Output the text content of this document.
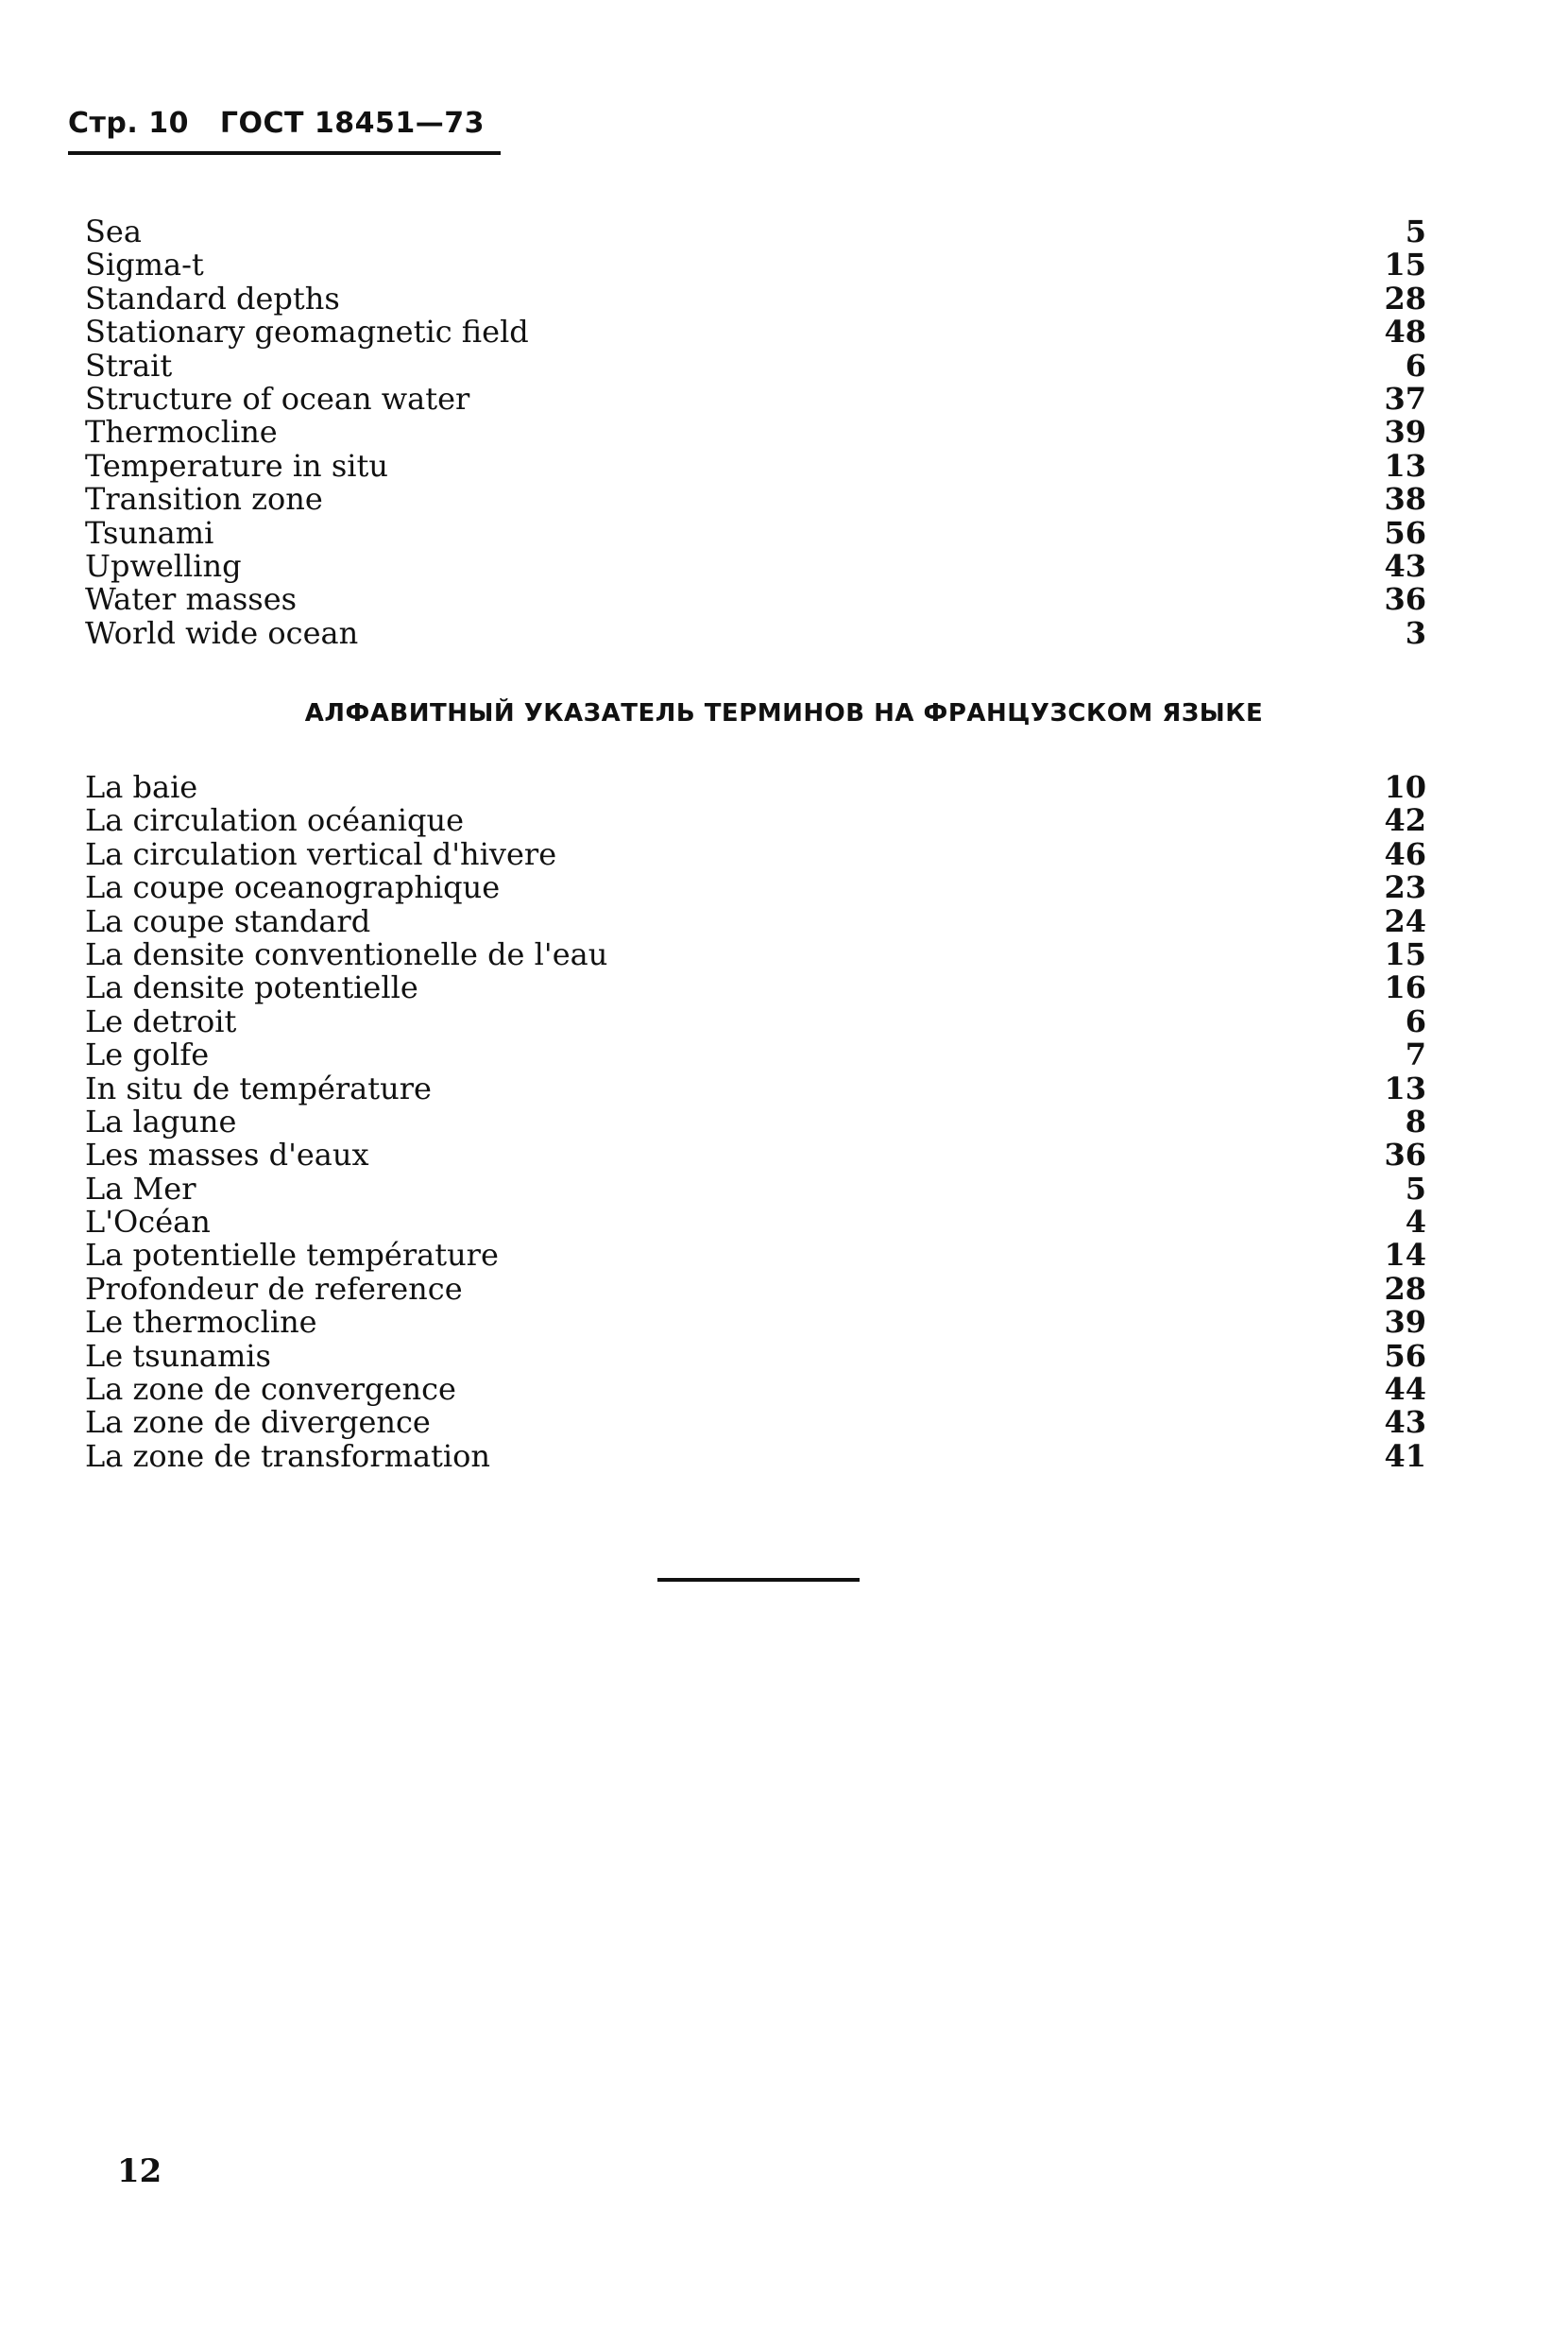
Стр. 10 ГОСТ 18451—73
Sea	5
Sigma-t	15
Standard depths	28
Stationary geomagnetic field	48
Strait	6
Structure of ocean water	37
Thermocline	39
Temperature in situ	13
Transition zone	38
Tsunami	56
Upwelling	43
Water masses	36
World wide ocean	3
АЛФАВИТНЫЙ УКАЗАТЕЛЬ ТЕРМИНОВ НА ФРАНЦУЗСКОМ ЯЗЫКЕ
La baie	10
La circulation océanique	42
La circulation vertical d'hivere	46
La coupe oceanographique	23
La coupe standard	24
La densite conventionelle de l'eau	15
La densite potentielle	16
Le detroit	6
Le golfe	7
In situ de température	13
La lagune	8
Les masses d'eaux	36
La Mer	5
L'Océan	4
La potentielle température	14
Profondeur de reference	28
Le thermocline	39
Le tsunamis	56
La zone de convergence	44
La zone de divergence	43
La zone de transformation	41
12
